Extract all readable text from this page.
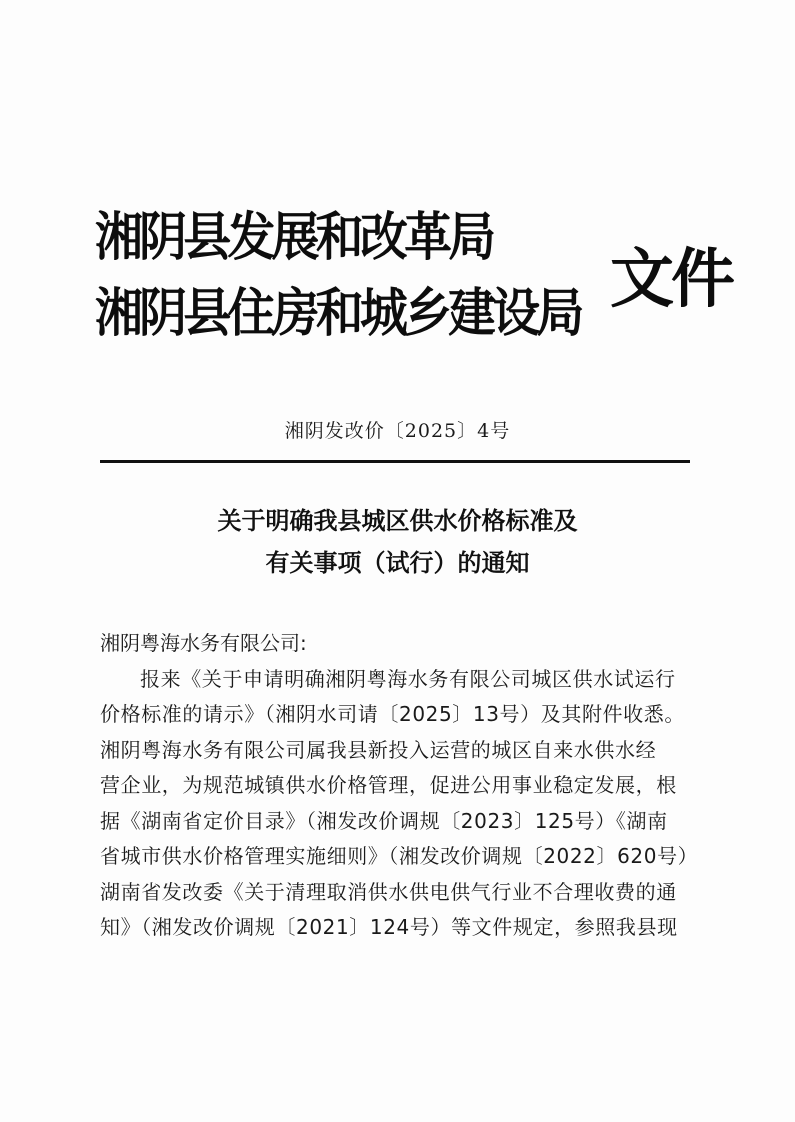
湘阴县发展和改革局
湘阴县住房和城乡建设局 文件
湘阴发改价〔2025〕4号
关于明确我县城区供水价格标准及
有关事项（试行）的通知
湘阴粤海水务有限公司:
报来《关于申请明确湘阴粤海水务有限公司城区供水试运行
价格标准的请示》（湘阴水司请〔2025〕13号）及其附件收悉。
湘阴粤海水务有限公司属我县新投入运营的城区自来水供水经
营企业，为规范城镇供水价格管理，促进公用事业稳定发展，根
据《湖南省定价目录》（湘发改价调规〔2023〕125号）《湖南
省城市供水价格管理实施细则》（湘发改价调规〔2022〕620号）
湖南省发改委《关于清理取消供水供电供气行业不合理收费的通
知》（湘发改价调规〔2021〕124号）等文件规定，参照我县现
